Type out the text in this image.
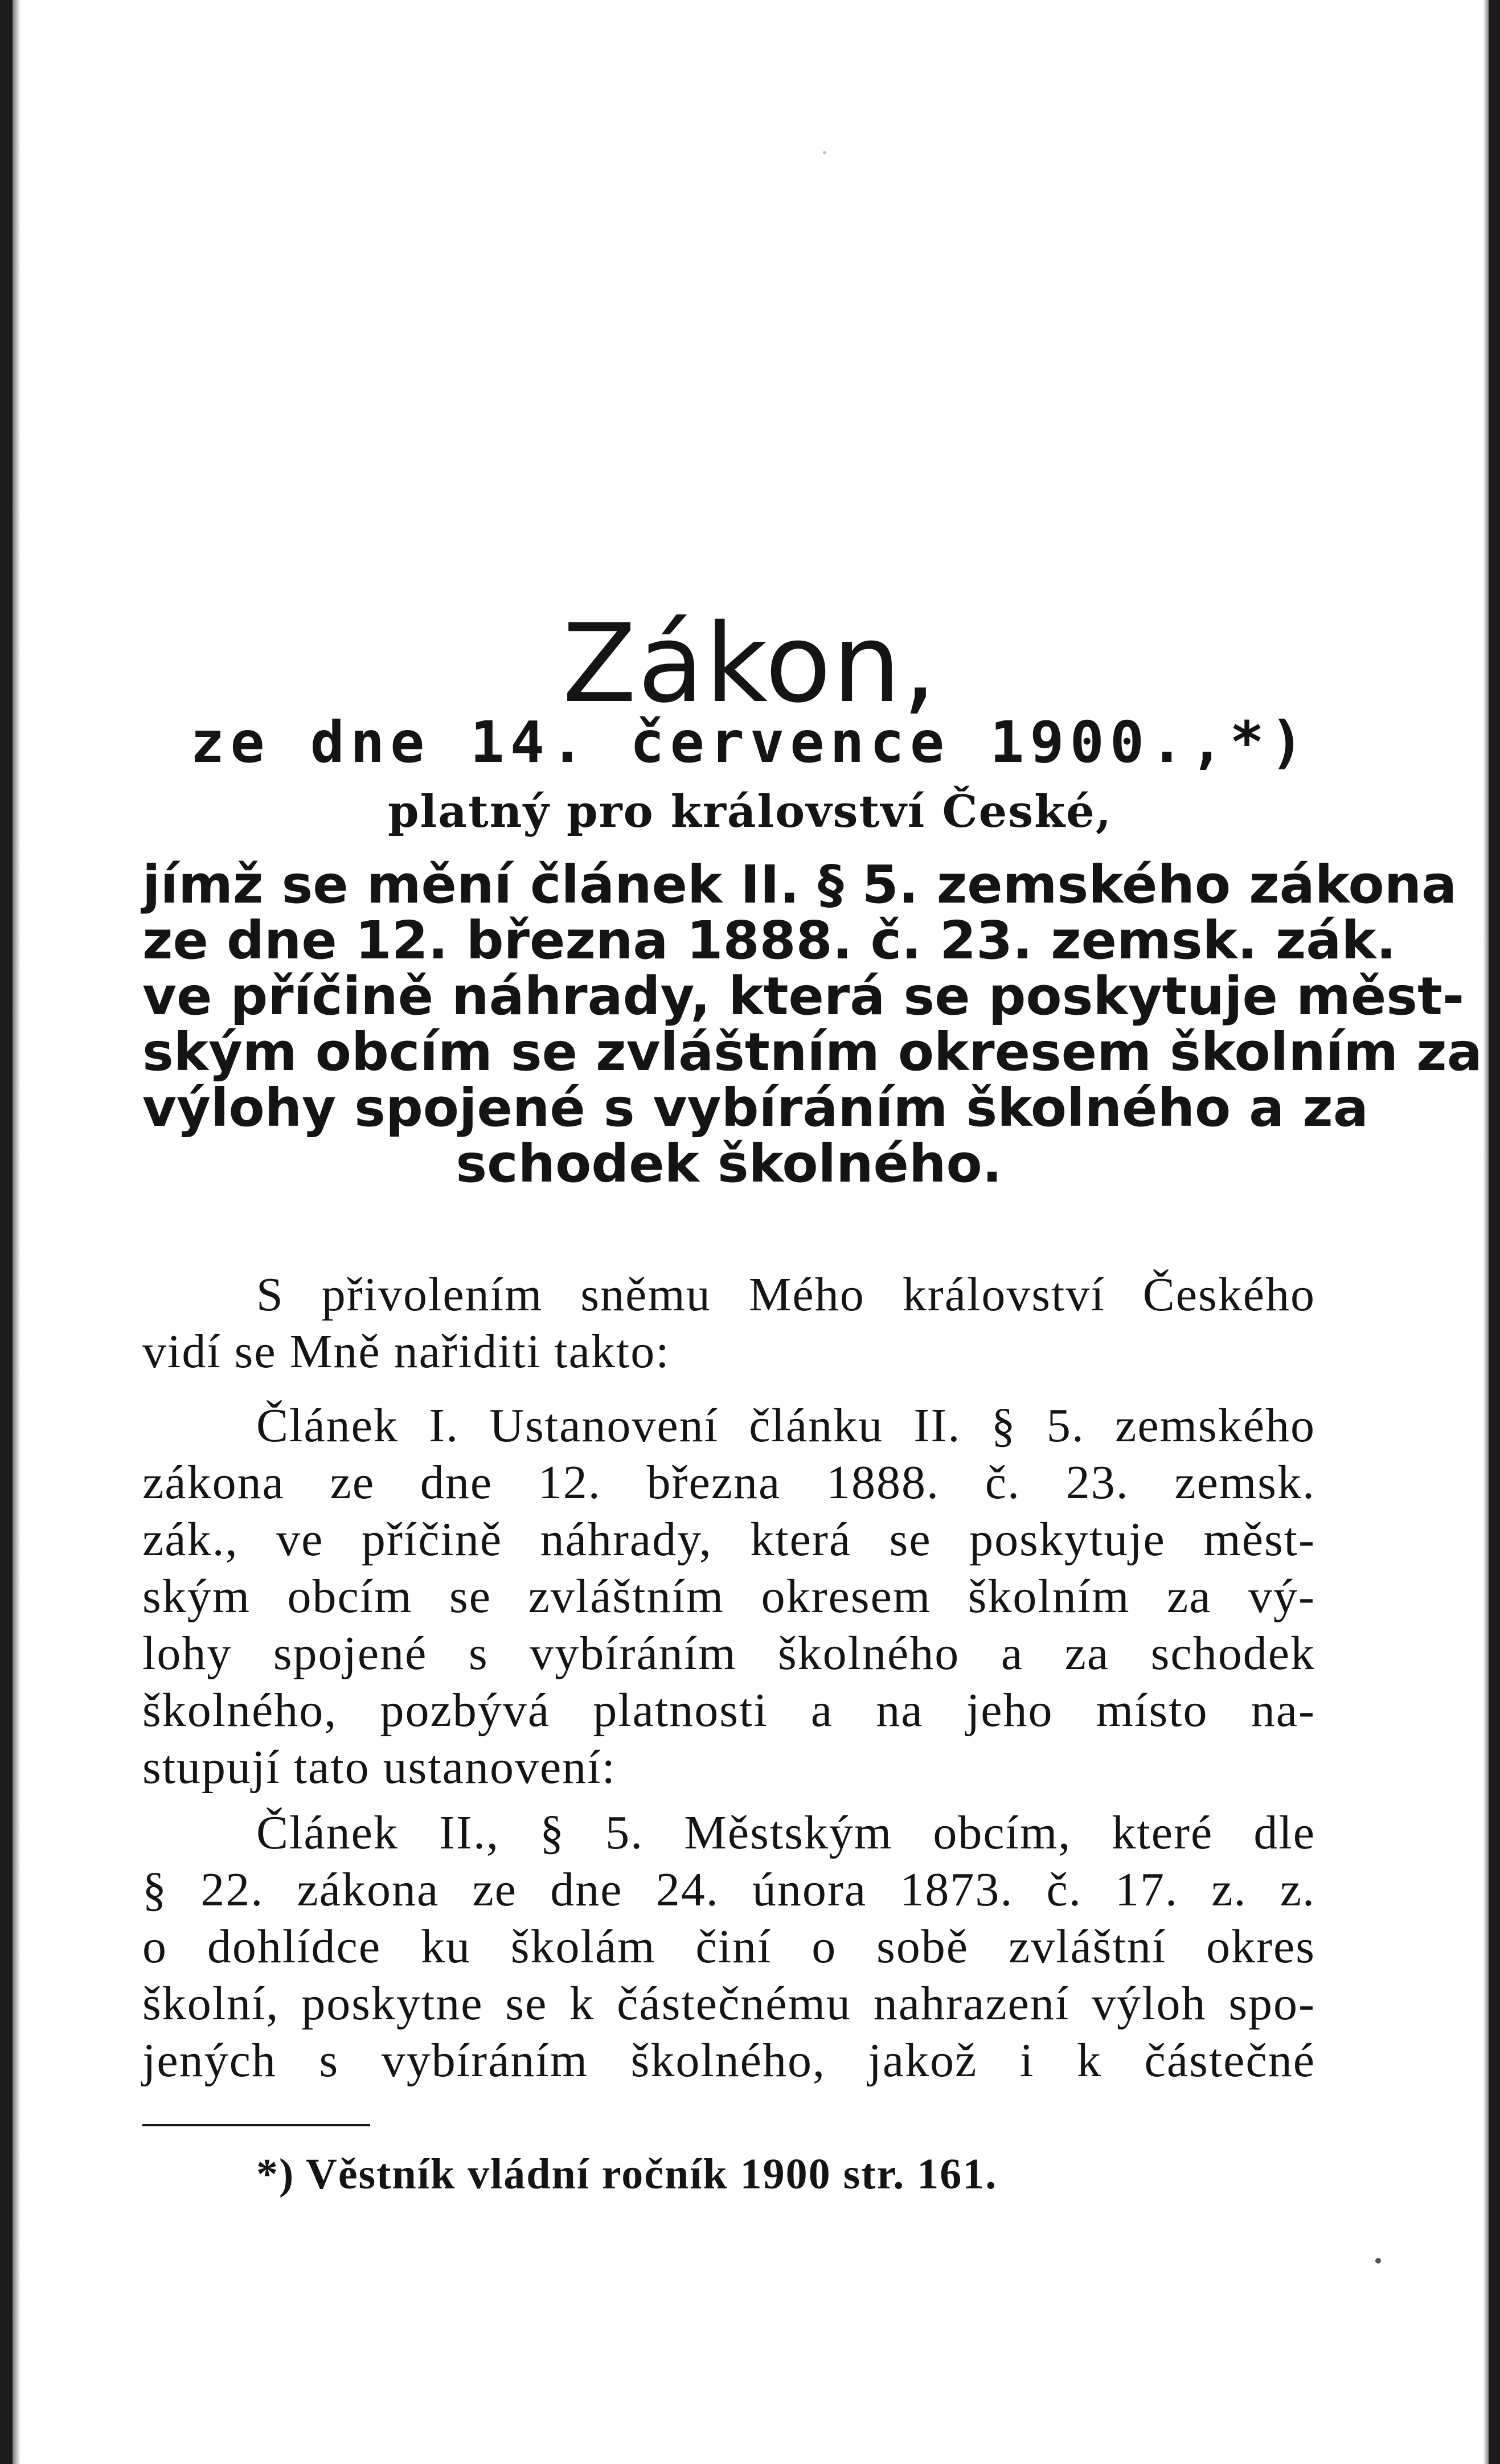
Zákon,
ze dne 14. července 1900.,*)
platný pro království České,
jímž se mění článek II. § 5. zemského zákona
ze dne 12. března 1888. č. 23. zemsk. zák.
ve příčině náhrady, která se poskytuje měst-
ským obcím se zvláštním okresem školním za
výlohy spojené s vybíráním školného a za
schodek školného.
S přivolením sněmu Mého království Českého
vidí se Mně nařiditi takto:
Článek I. Ustanovení článku II. § 5. zemského
zákona ze dne 12. března 1888. č. 23. zemsk.
zák., ve příčině náhrady, která se poskytuje měst-
ským obcím se zvláštním okresem školním za vý-
lohy spojené s vybíráním školného a za schodek
školného, pozbývá platnosti a na jeho místo na-
stupují tato ustanovení:
Článek II., § 5. Městským obcím, které dle
§ 22. zákona ze dne 24. února 1873. č. 17. z. z.
o dohlídce ku školám činí o sobě zvláštní okres
školní, poskytne se k částečnému nahrazení výloh spo-
jených s vybíráním školného, jakož i k částečné
*) Věstník vládní ročník 1900 str. 161.
